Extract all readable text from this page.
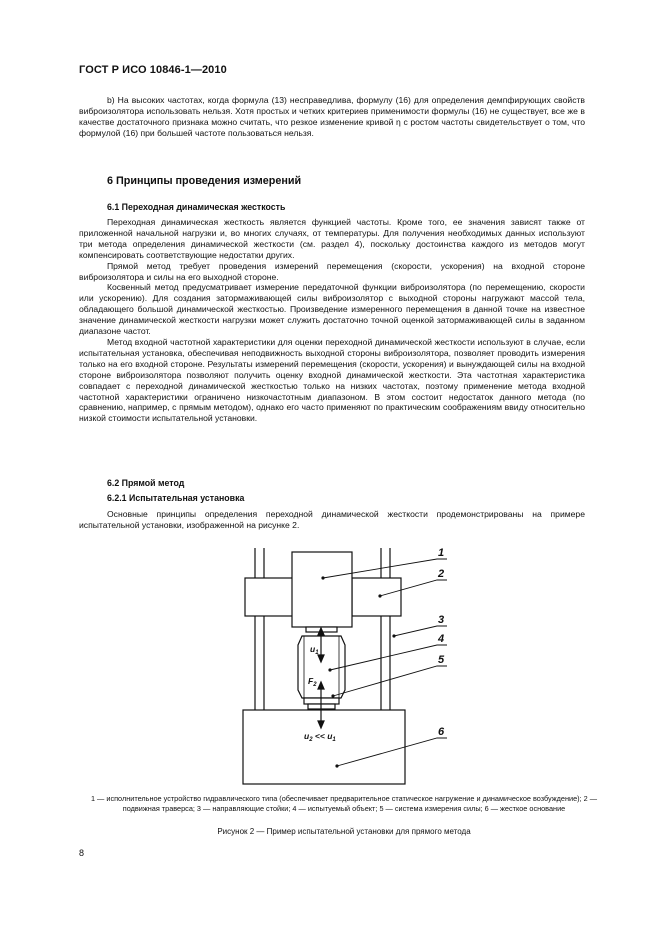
ГОСТ Р ИСО 10846-1—2010

b) На высоких частотах, когда формула (13) несправедлива, формулу (16) для определения демпфирующих свойств виброизолятора использовать нельзя. Хотя простых и четких критериев применимости формулы (16) не существует, все же в качестве достаточного признака можно считать, что резкое изменение кривой η с ростом частоты свидетельствует о том, что формулой (16) при большей частоте пользоваться нельзя.

6 Принципы проведения измерений
6.1 Переходная динамическая жесткость

Переходная динамическая жесткость является функцией частоты. Кроме того, ее значения зависят также от приложенной начальной нагрузки и, во многих случаях, от температуры. Для получения необходимых данных используют три метода определения динамической жесткости (см. раздел 4), поскольку достоинства каждого из методов могут компенсировать соответствующие недостатки других.

Прямой метод требует проведения измерений перемещения (скорости, ускорения) на входной стороне виброизолятора и силы на его выходной стороне.

Косвенный метод предусматривает измерение передаточной функции виброизолятора (по перемещению, скорости или ускорению). Для создания затормаживающей силы виброизолятор с выходной стороны нагружают массой тела, обладающего большой динамической жесткостью. Произведение измеренного перемещения в данной точке на известное значение динамической жесткости нагрузки может служить достаточно точной оценкой затормаживающей силы в заданном диапазоне частот.

Метод входной частотной характеристики для оценки переходной динамической жесткости используют в случае, если испытательная установка, обеспечивая неподвижность выходной стороны виброизолятора, позволяет проводить измерения только на его входной стороне. Результаты измерений перемещения (скорости, ускорения) и вынуждающей силы на входной стороне виброизолятора позволяют получить оценку входной динамической жесткости. Эта частотная характеристика совпадает с переходной динамической жесткостью только на низких частотах, поэтому применение метода входной частотной характеристики ограничено низкочастотным диапазоном. В этом состоит недостаток данного метода (по сравнению, например, с прямым методом), однако его часто применяют по практическим соображениям ввиду относительно низкой стоимости испытательной установки.

6.2 Прямой метод
6.2.1 Испытательная установка

Основные принципы определения переходной динамической жесткости продемонстрированы на примере испытательной установки, изображенной на рисунке 2.

1
2
3
4
5
6
$u_1$
$F_2$
$u_2 << u_1$
1 — исполнительное устройство гидравлического типа (обеспечивает предварительное статическое нагружение и динамическое возбуждение); 2 — подвижная траверса; 3 — направляющие стойки; 4 — испытуемый объект; 5 — система измерения силы; 6 — жесткое основание
Рисунок 2 — Пример испытательной установки для прямого метода
8
